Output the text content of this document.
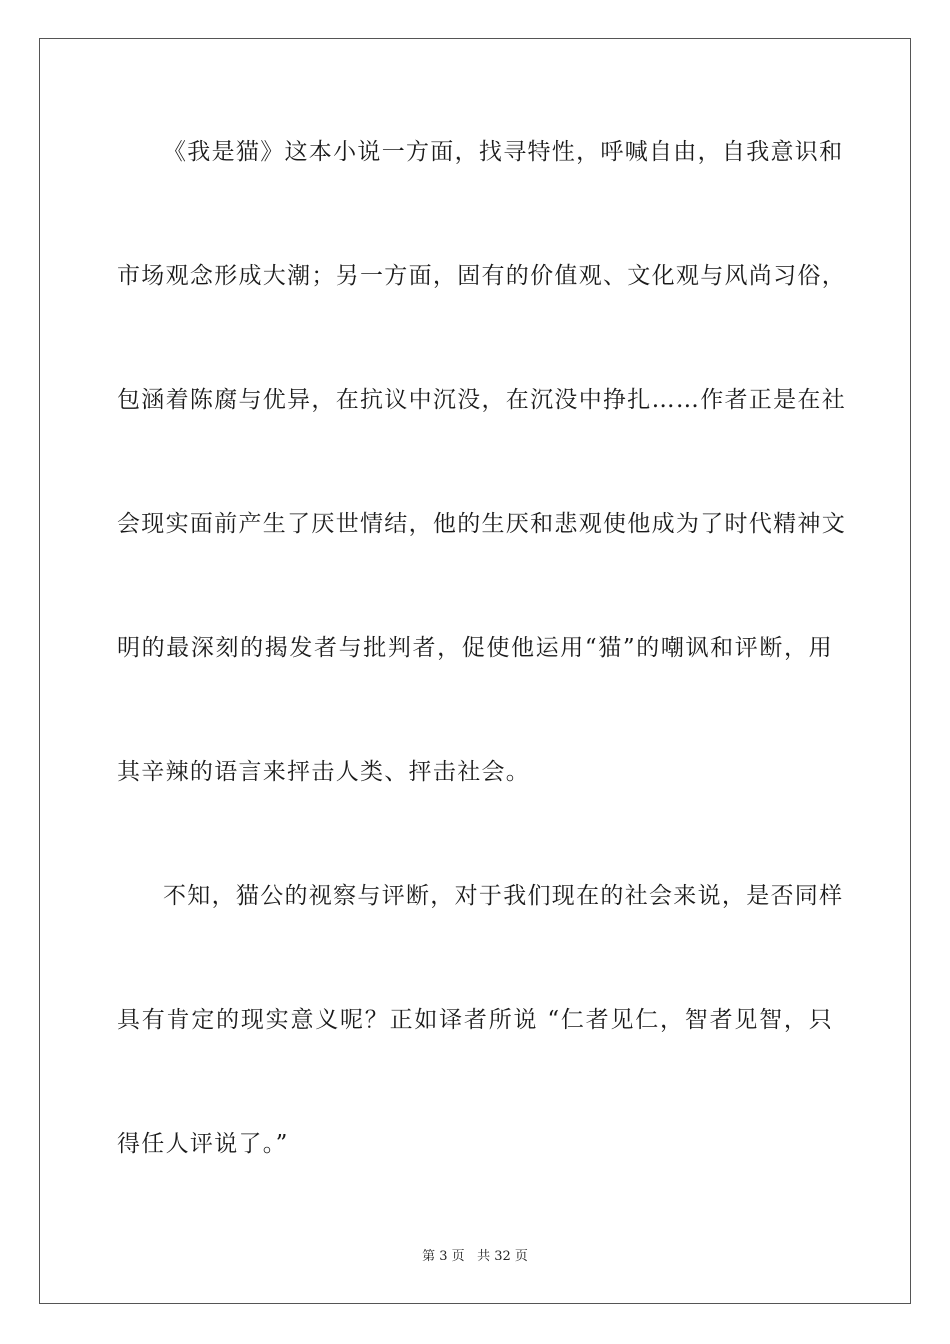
《我是猫》这本小说一方面，找寻特性，呼喊自由，自我意识和
市场观念形成大潮；另一方面，固有的价值观、文化观与风尚习俗，
包涵着陈腐与优异，在抗议中沉没，在沉没中挣扎……作者正是在社
会现实面前产生了厌世情结，他的生厌和悲观使他成为了时代精神文
明的最深刻的揭发者与批判者，促使他运用“猫”的嘲讽和评断，用
其辛辣的语言来抨击人类、抨击社会。
不知，猫公的视察与评断，对于我们现在的社会来说，是否同样
具有肯定的现实意义呢？正如译者所说 “仁者见仁，智者见智，只
得任人评说了。”
第 3 页 共 32 页
